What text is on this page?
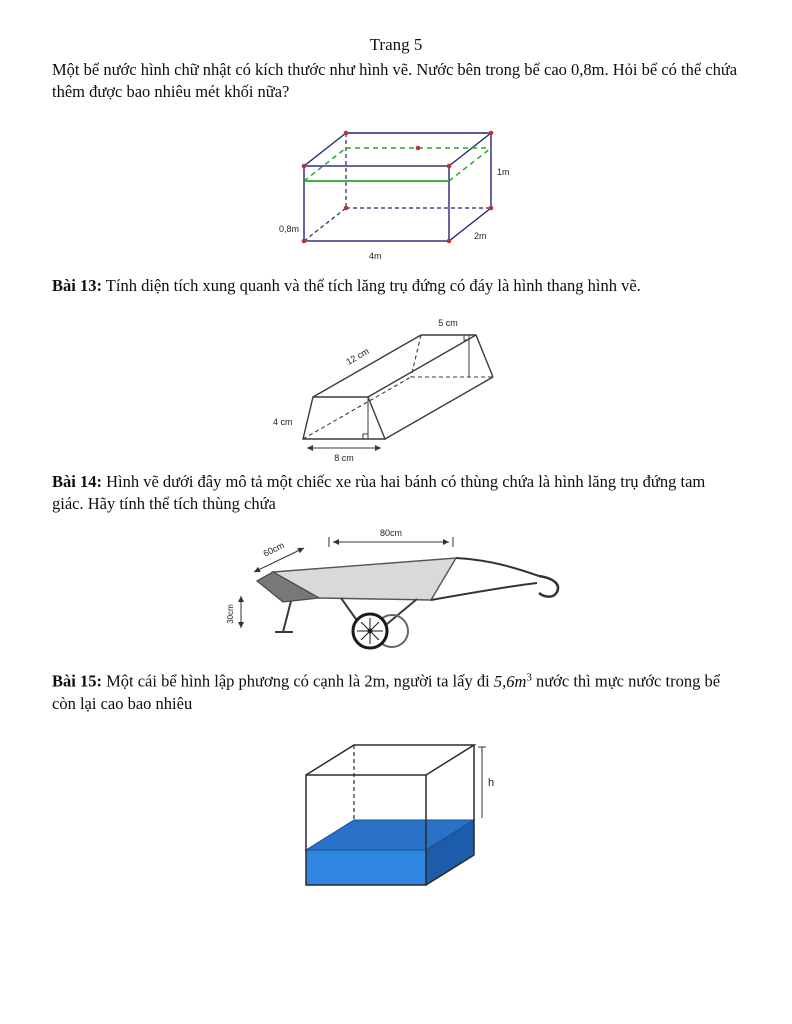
Trang 5

Một bể nước hình chữ nhật có kích thước như hình vẽ. Nước bên trong bể cao 0,8m. Hỏi bể có thể chứa thêm được bao nhiêu mét khối nữa?

1m
0,8m
2m
4m

Bài 13: Tính diện tích xung quanh và thể tích lăng trụ đứng có đáy là hình thang hình vẽ.

5 cm
12 cm
4 cm
8 cm

Bài 14: Hình vẽ dưới đây mô tả một chiếc xe rùa hai bánh có thùng chứa là hình lăng trụ đứng tam giác. Hãy tính thể tích thùng chứa

80cm
60cm
30cm

Bài 15: Một cái bể hình lập phương có cạnh là 2m, người ta lấy đi $5,6m^3$ nước thì mực nước trong bể còn lại cao bao nhiêu

h
